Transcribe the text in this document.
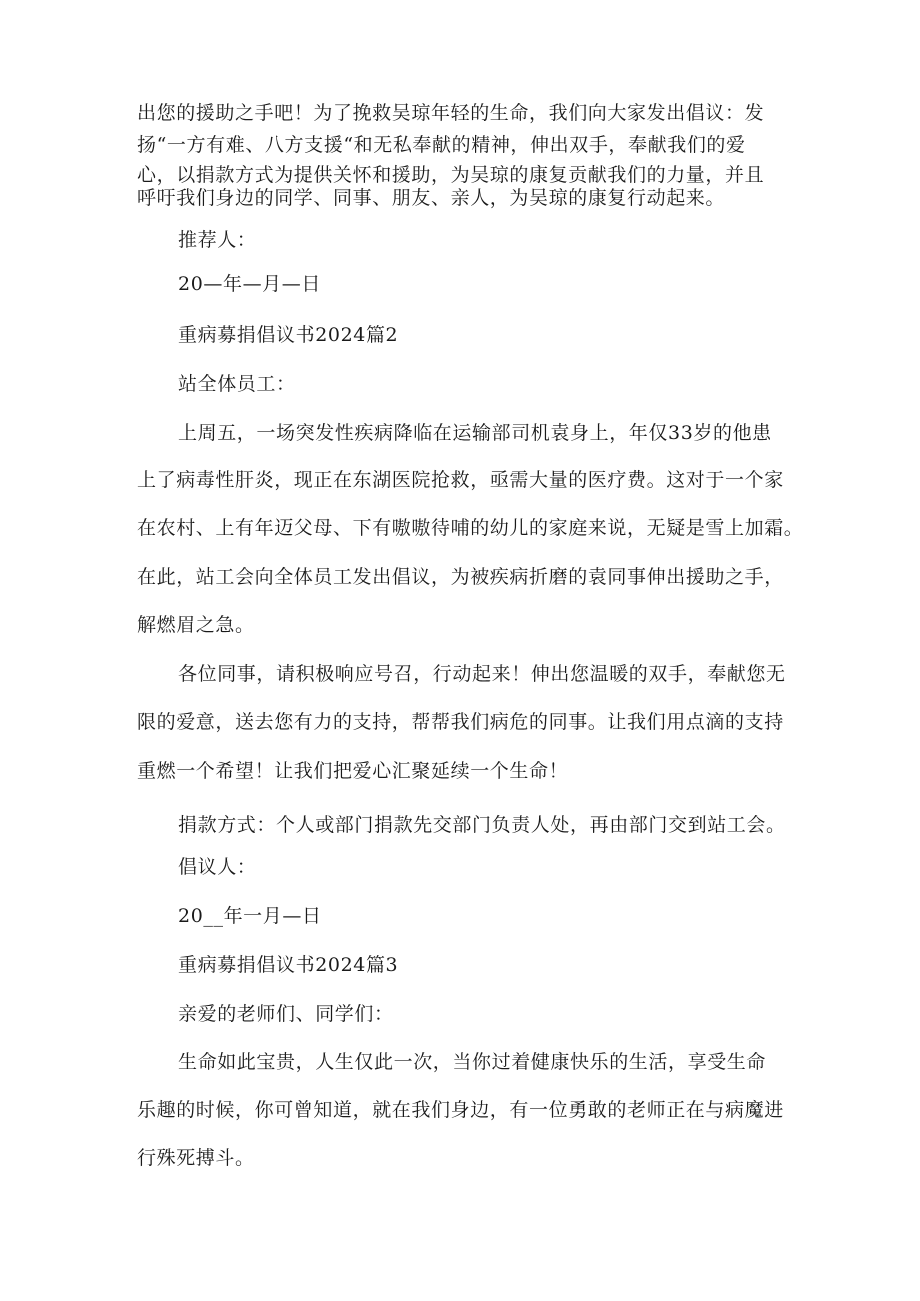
出您的援助之手吧！为了挽救吴琼年轻的生命，我们向大家发出倡议：发
扬“一方有难、八方支援“和无私奉献的精神，伸出双手，奉献我们的爱
心，以捐款方式为提供关怀和援助，为吴琼的康复贡献我们的力量，并且
呼吁我们身边的同学、同事、朋友、亲人，为吴琼的康复行动起来。
推荐人：
20—年—月—日
重病募捐倡议书2024篇2
站全体员工：
上周五，一场突发性疾病降临在运输部司机袁身上，年仅33岁的他患
上了病毒性肝炎，现正在东湖医院抢救，亟需大量的医疗费。这对于一个家
在农村、上有年迈父母、下有嗷嗷待哺的幼儿的家庭来说，无疑是雪上加霜。
在此，站工会向全体员工发出倡议，为被疾病折磨的袁同事伸出援助之手，
解燃眉之急。
各位同事，请积极响应号召，行动起来！伸出您温暖的双手，奉献您无
限的爱意，送去您有力的支持，帮帮我们病危的同事。让我们用点滴的支持
重燃一个希望！让我们把爱心汇聚延续一个生命！
捐款方式：个人或部门捐款先交部门负责人处，再由部门交到站工会。
倡议人：
20__年一月—日
重病募捐倡议书2024篇3
亲爱的老师们、同学们：
生命如此宝贵，人生仅此一次，当你过着健康快乐的生活，享受生命
乐趣的时候，你可曾知道，就在我们身边，有一位勇敢的老师正在与病魔进
行殊死搏斗。
